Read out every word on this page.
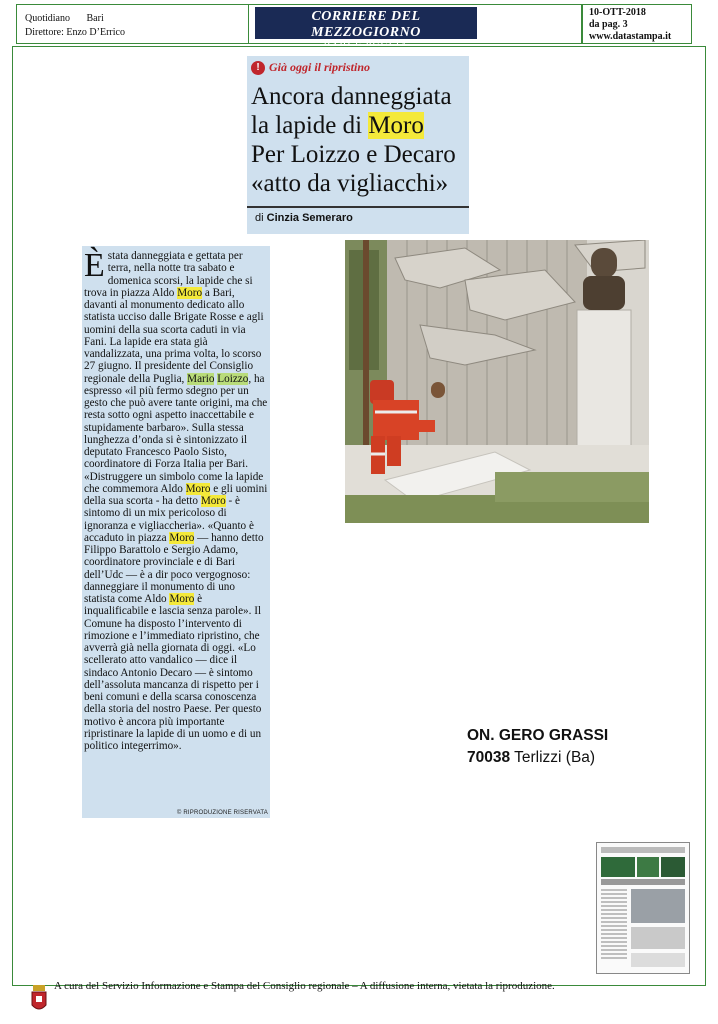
Quotidiano Bari
Direttore: Enzo D’Errico
CORRIERE DEL MEZZOGIORNO
BARI E PUGLIA
10-OTT-2018
da pag. 3
www.datastampa.it
! Già oggi il ripristino
Ancora danneggiata
la lapide di Moro
Per Loizzo e Decaro
«atto da vigliacchi»
di Cinzia Semeraro
È stata danneggiata e gettata per terra, nella notte tra sabato e domenica scorsi, la lapide che si trova in piazza Aldo Moro a Bari, davanti al monumento dedicato allo statista ucciso dalle Brigate Rosse e agli uomini della sua scorta caduti in via Fani. La lapide era stata già vandalizzata, una prima volta, lo scorso 27 giugno. Il presidente del Consiglio regionale della Puglia, Mario Loizzo, ha espresso «il più fermo sdegno per un gesto che può avere tante origini, ma che resta sotto ogni aspetto inaccettabile e stupidamente barbaro». Sulla stessa lunghezza d’onda si è sintonizzato il deputato Francesco Paolo Sisto, coordinatore di Forza Italia per Bari. «Distruggere un simbolo come la lapide che commemora Aldo Moro e gli uomini della sua scorta - ha detto Moro - è sintomo di un mix pericoloso di ignoranza e vigliaccheria». «Quanto è accaduto in piazza Moro — hanno detto Filippo Barattolo e Sergio Adamo, coordinatore provinciale e di Bari dell’Udc — è a dir poco vergognoso: danneggiare il monumento di uno statista come Aldo Moro è inqualificabile e lascia senza parole». Il Comune ha disposto l’intervento di rimozione e l’immediato ripristino, che avverrà già nella giornata di oggi. «Lo scellerato atto vandalico — dice il sindaco Antonio Decaro — è sintomo dell’assoluta mancanza di rispetto per i beni comuni e della scarsa conoscenza della storia del nostro Paese. Per questo motivo è ancora più importante ripristinare la lapide di un uomo e di un politico integerrimo».
© RIPRODUZIONE RISERVATA
ON. GERO GRASSI
70038 Terlizzi (Ba)
A cura del Servizio Informazione e Stampa del Consiglio regionale – A diffusione interna, vietata la riproduzione.
